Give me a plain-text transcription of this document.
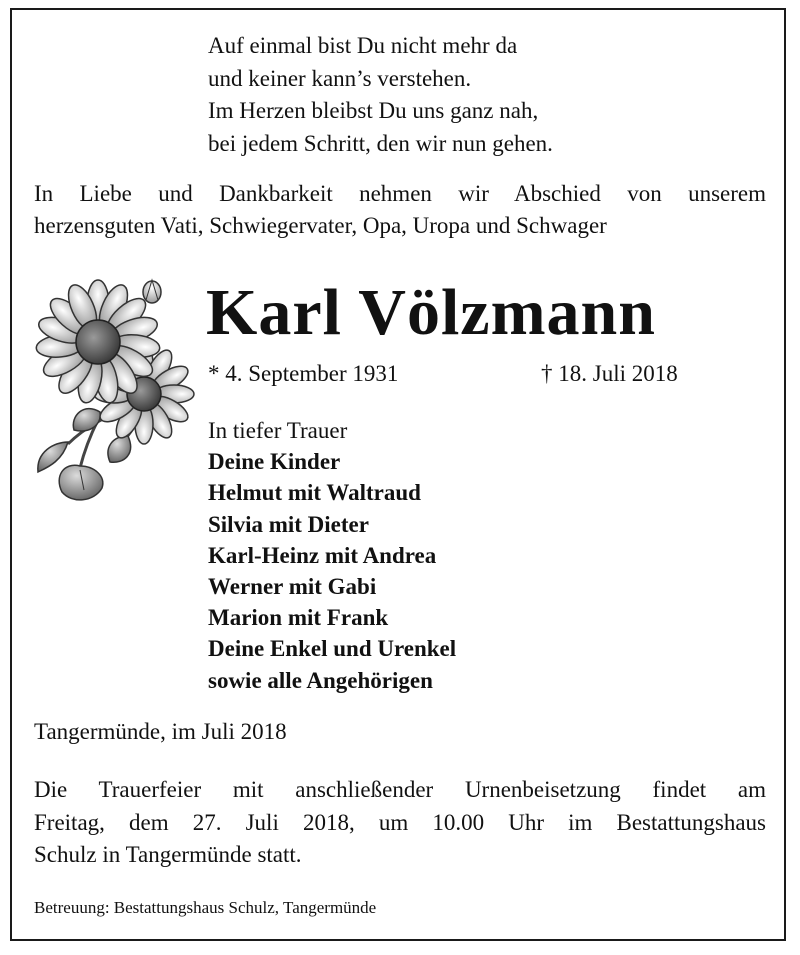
Auf einmal bist Du nicht mehr da
und keiner kann’s verstehen.
Im Herzen bleibst Du uns ganz nah,
bei jedem Schritt, den wir nun gehen.
In Liebe und Dankbarkeit nehmen wir Abschied von unserem
herzensguten Vati, Schwiegervater, Opa, Uropa und Schwager
Karl Völzmann
* 4. September 1931	† 18. Juli 2018
In tiefer Trauer
Deine Kinder
Helmut mit Waltraud
Silvia mit Dieter
Karl-Heinz mit Andrea
Werner mit Gabi
Marion mit Frank
Deine Enkel und Urenkel
sowie alle Angehörigen
Tangermünde, im Juli 2018
Die Trauerfeier mit anschließender Urnenbeisetzung findet am
Freitag, dem 27. Juli 2018, um 10.00 Uhr im Bestattungshaus
Schulz in Tangermünde statt.
Betreuung: Bestattungshaus Schulz, Tangermünde
